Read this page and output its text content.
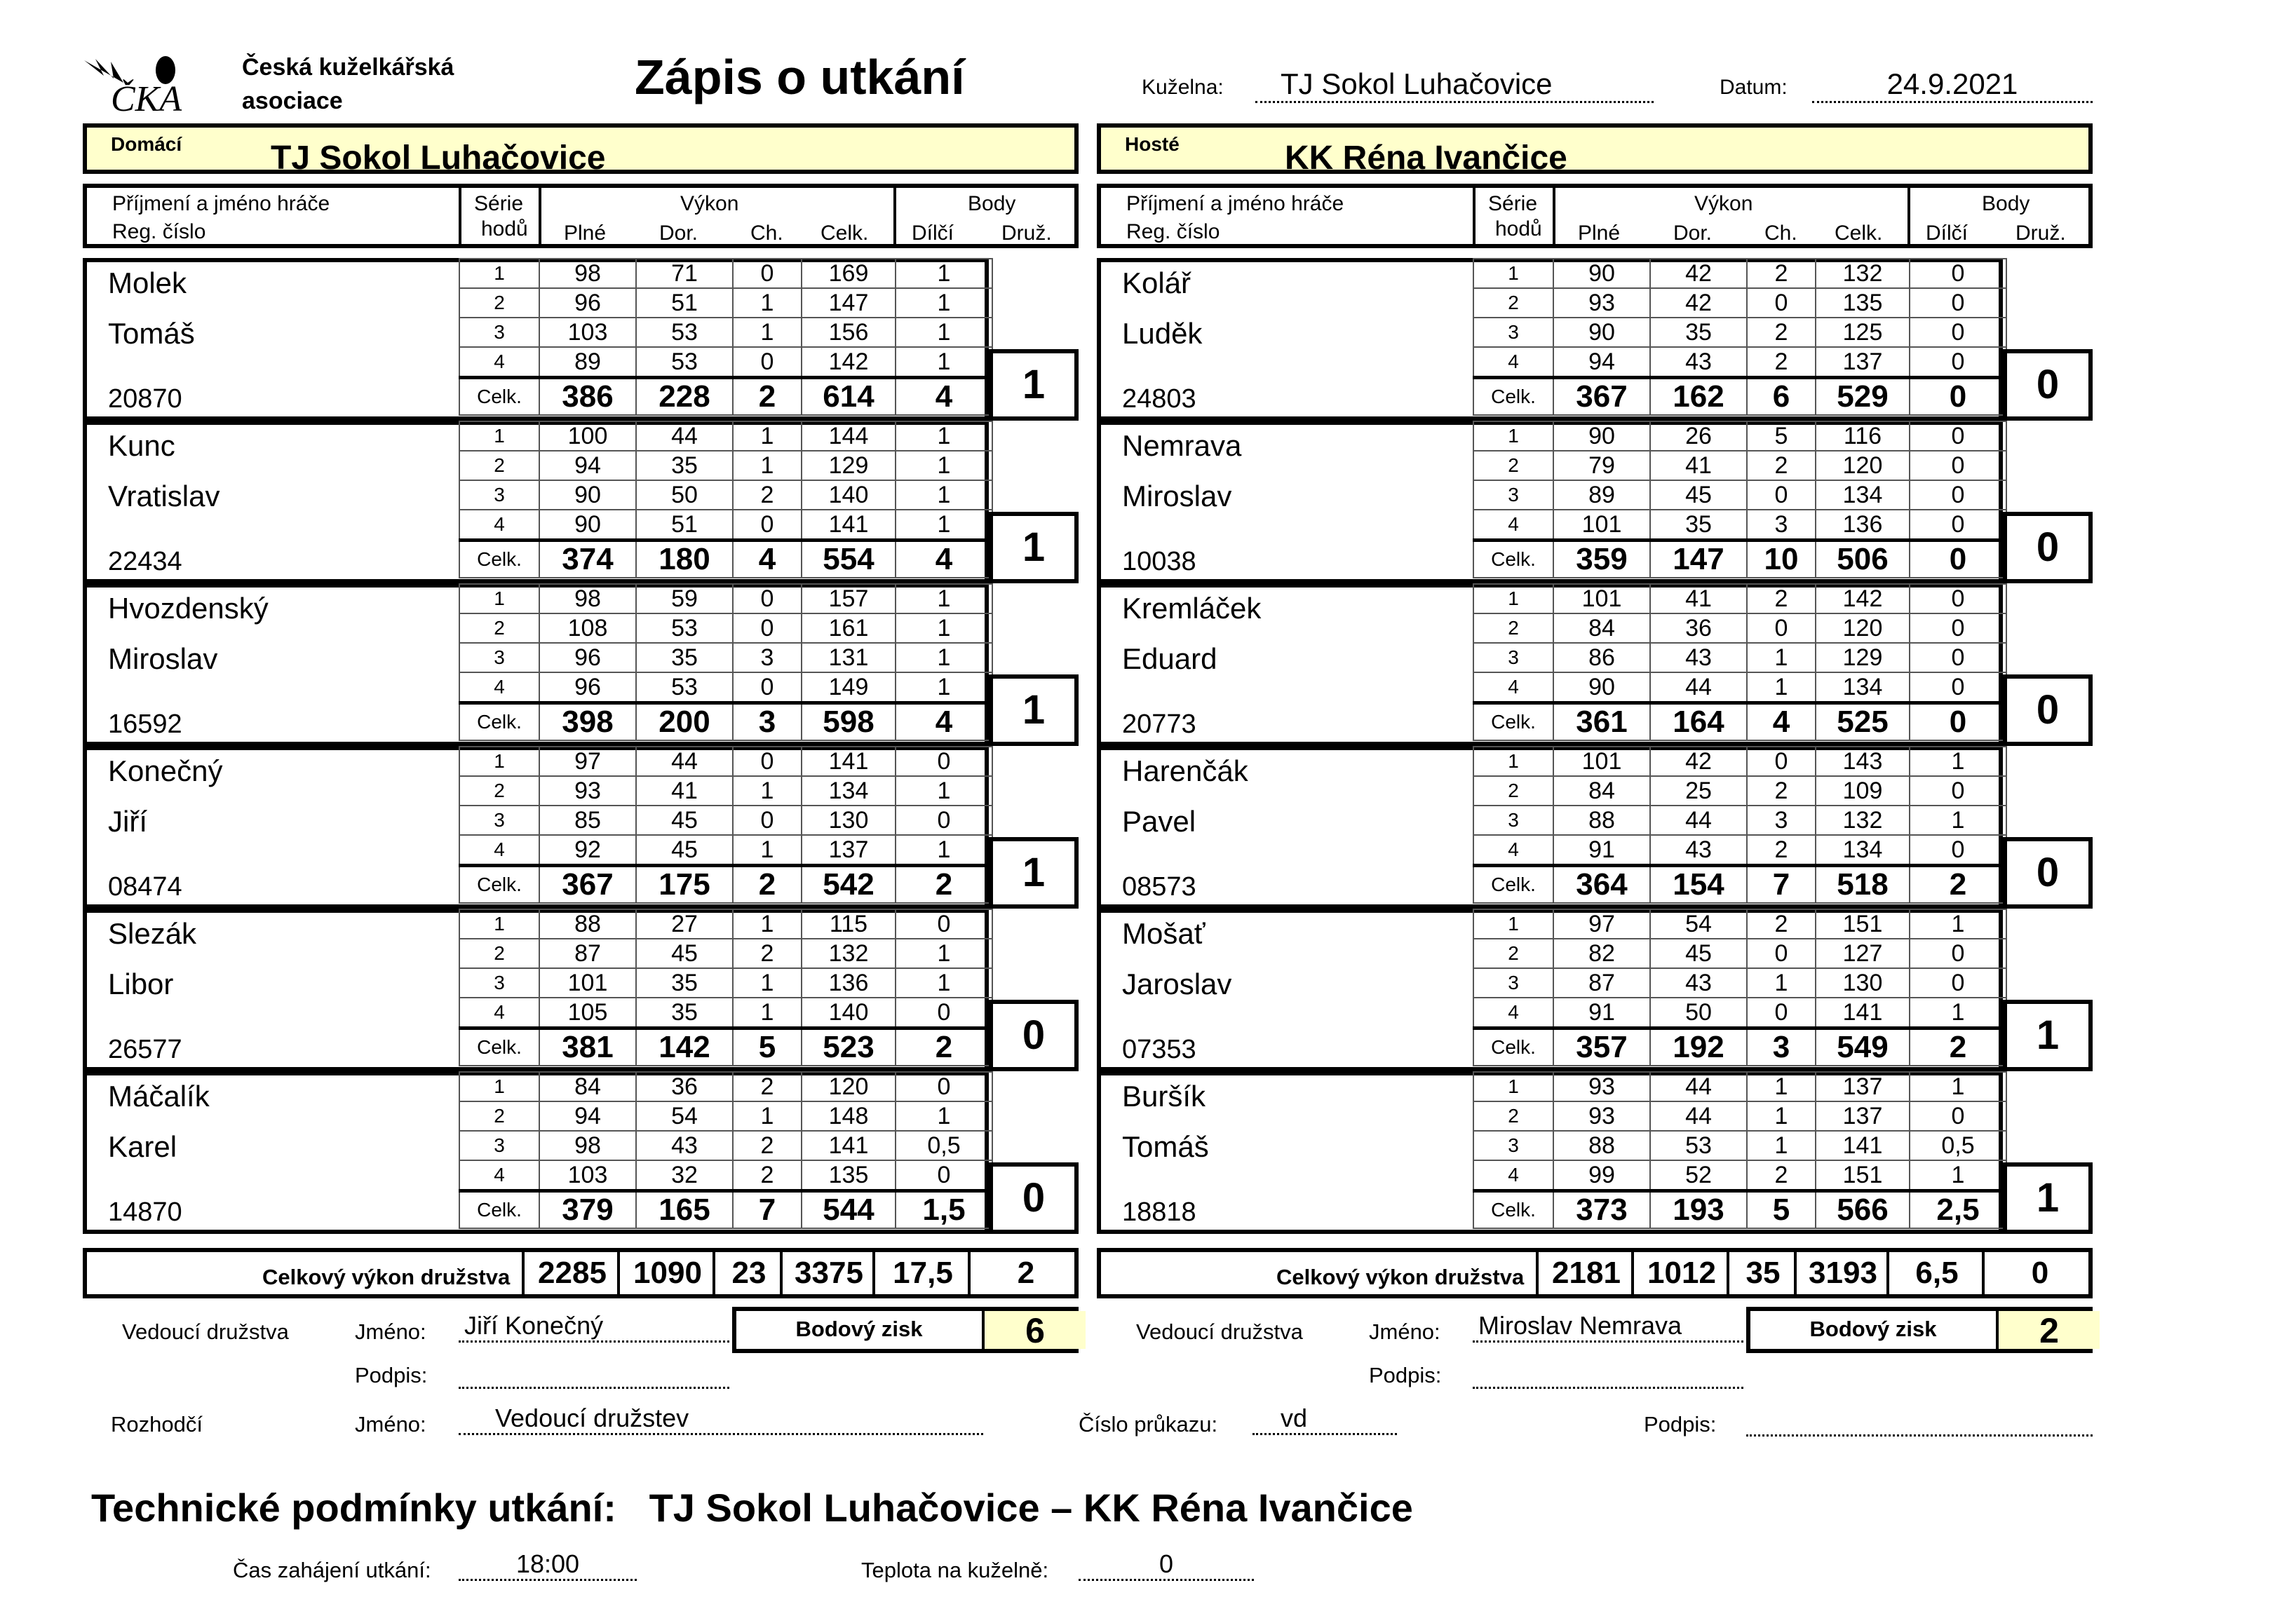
ČKA
Česká kuželkářská
asociace	Zápis o utkání	Kuželna:	TJ Sokol Luhačovice	Datum:	24.9.2021
Domácí	TJ Sokol Luhačovice	Hosté	KK Réna Ivančice
Příjmení a jméno hráče
Reg. číslo
Série
hodů
Výkon
Plné	Dor. Ch. Celk.
Body
Dílčí Druž.
Molek
Tomáš
20870
1	98	71	0	169	1
2	96	51	1	147	1
3	103	53	1	156	1
4	89	53	0	142	1
Celk.	386	228	2	614	4	1
Kunc
Vratislav
22434
1	100	44	1	144	1
2	94	35	1	129	1
3	90	50	2	140	1
4	90	51	0	141	1
Celk.	374	180	4	554	4	1
Hvozdenský
Miroslav
16592
1	98	59	0	157	1
2	108	53	0	161	1
3	96	35	3	131	1
4	96	53	0	149	1
Celk.	398	200	3	598	4	1
Konečný
Jiří
08474
1	97	44	0	141	0
2	93	41	1	134	1
3	85	45	0	130	0
4	92	45	1	137	1
Celk.	367	175	2	542	2	1
Slezák
Libor
26577
1	88	27	1	115	0
2	87	45	2	132	1
3	101	35	1	136	1
4	105	35	1	140	0
Celk.	381	142	5	523	2	0
Máčalík
Karel
14870
1	84	36	2	120	0
2	94	54	1	148	1
3	98	43	2	141	0,5
4	103	32	2	135	0
Celk.	379	165	7	544	1,5	0
Celkový výkon družstva 2285 1090 23 3375 17,5	2
Bodový zisk	6
Příjmení a jméno hráče
Reg. číslo
Série
hodů
Výkon
Plné	Dor. Ch. Celk.
Body
Dílčí Druž.
Kolář
Luděk
24803
1	90	42	2	132	0
2	93	42	0	135	0
3	90	35	2	125	0
4	94	43	2	137	0
Celk.	367	162	6	529	0	0
Nemrava
Miroslav
10038
1	90	26	5	116	0
2	79	41	2	120	0
3	89	45	0	134	0
4	101	35	3	136	0
Celk.	359	147	10	506	0	0
Kremláček
Eduard
20773
1	101	41	2	142	0
2	84	36	0	120	0
3	86	43	1	129	0
4	90	44	1	134	0
Celk.	361	164	4	525	0	0
Harenčák
Pavel
08573
1	101	42	0	143	1
2	84	25	2	109	0
3	88	44	3	132	1
4	91	43	2	134	0
Celk.	364	154	7	518	2	0
Mošať
Jaroslav
07353
1	97	54	2	151	1
2	82	45	0	127	0
3	87	43	1	130	0
4	91	50	0	141	1
Celk.	357	192	3	549	2	1
Buršík
Tomáš
18818
1	93	44	1	137	1
2	93	44	1	137	0
3	88	53	1	141	0,5
4	99	52	2	151	1
Celk.	373	193	5	566	2,5	1
Celkový výkon družstva 2181 1012 35 3193	6,5	0
Bodový zisk	2
Vedoucí družstva	Jméno: Jiří Konečný
Podpis:
Vedoucí družstva	Jméno: Miroslav Nemrava
Podpis:
Rozhodčí	Jméno:	Vedoucí družstev	Číslo průkazu:	vd	Podpis:
Technické podmínky utkání: TJ Sokol Luhačovice – KK Réna Ivančice
Čas zahájení utkání:	18:00	Teplota na kuželně:	0
